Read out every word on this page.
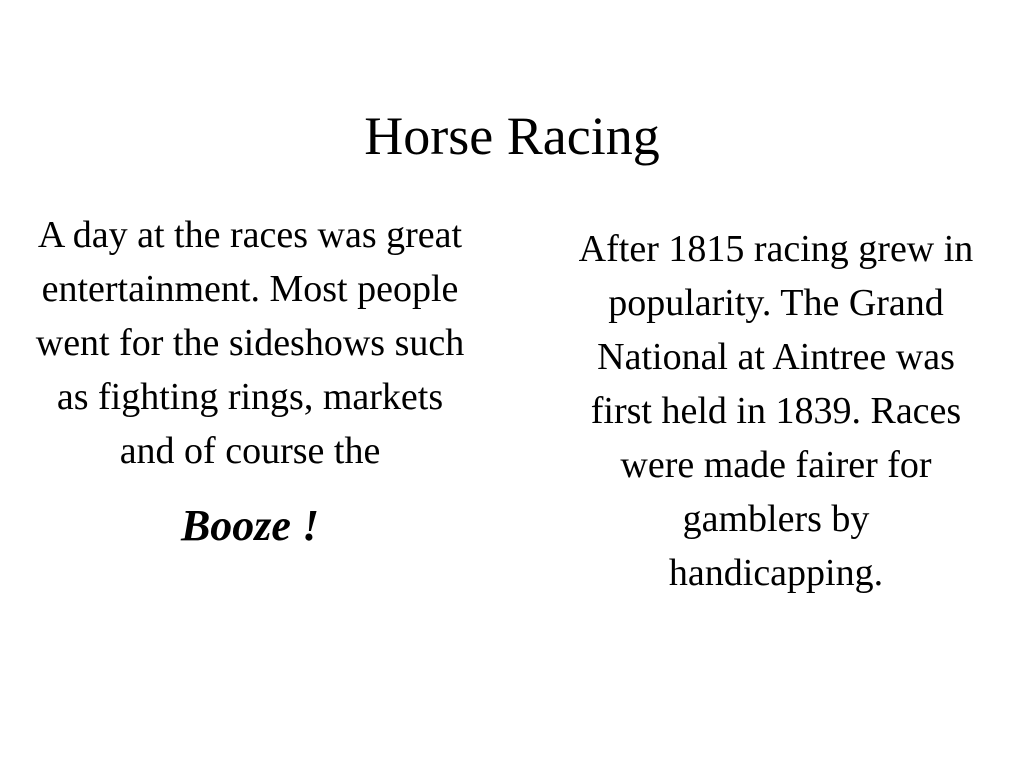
Horse Racing

A day at the races was great entertainment. Most people went for the sideshows such as fighting rings, markets and of course the

Booze !

After 1815 racing grew in popularity. The Grand National at Aintree was first held in 1839. Races were made fairer for gamblers by handicapping.
